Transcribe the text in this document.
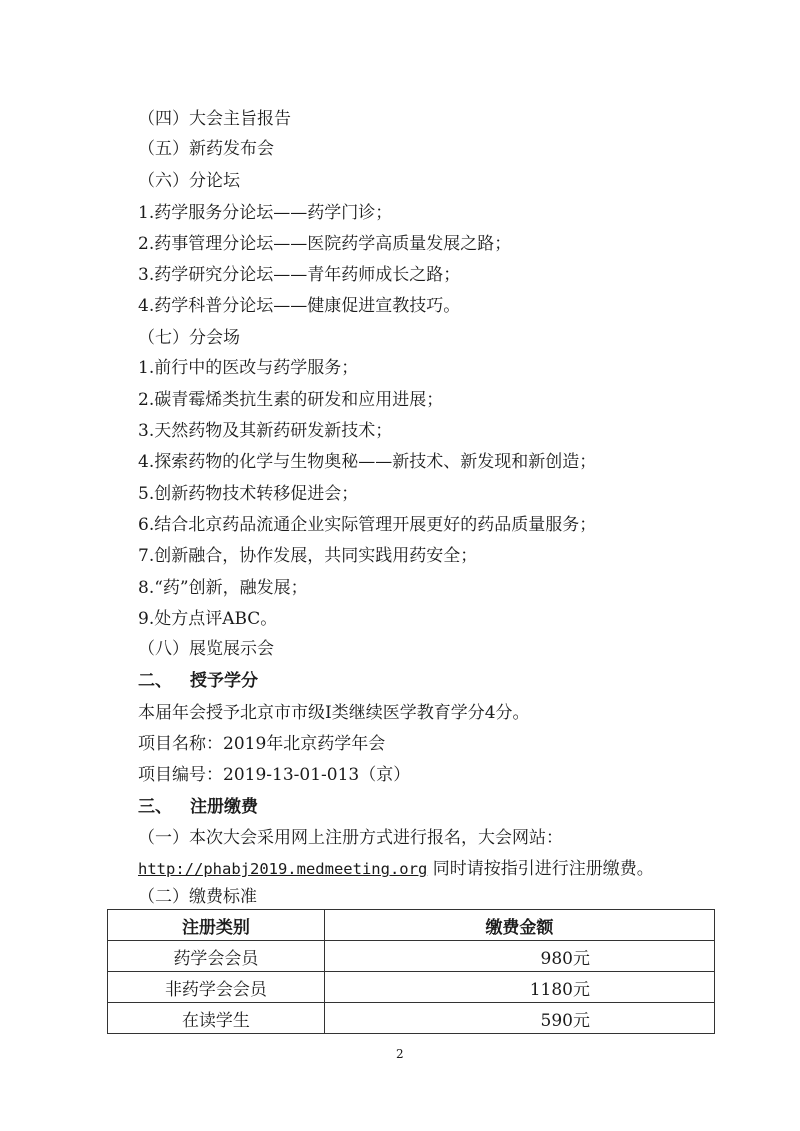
（四）大会主旨报告
（五）新药发布会
（六）分论坛
1.药学服务分论坛——药学门诊；
2.药事管理分论坛——医院药学高质量发展之路；
3.药学研究分论坛——青年药师成长之路；
4.药学科普分论坛——健康促进宣教技巧。
（七）分会场
1.前行中的医改与药学服务；
2.碳青霉烯类抗生素的研发和应用进展；
3.天然药物及其新药研发新技术；
4.探索药物的化学与生物奥秘——新技术、新发现和新创造；
5.创新药物技术转移促进会；
6.结合北京药品流通企业实际管理开展更好的药品质量服务；
7.创新融合，协作发展，共同实践用药安全；
8.“药”创新，融发展；
9.处方点评ABC。
（八）展览展示会
二、 授予学分
本届年会授予北京市市级Ⅰ类继续医学教育学分4分。
项目名称：2019年北京药学年会
项目编号：2019-13-01-013（京）
三、 注册缴费
（一）本次大会采用网上注册方式进行报名，大会网站：
http://phabj2019.medmeeting.org 同时请按指引进行注册缴费。
（二）缴费标准
注册类别	缴费金额
药学会会员	980元
非药学会会员	1180元
在读学生	590元
2
